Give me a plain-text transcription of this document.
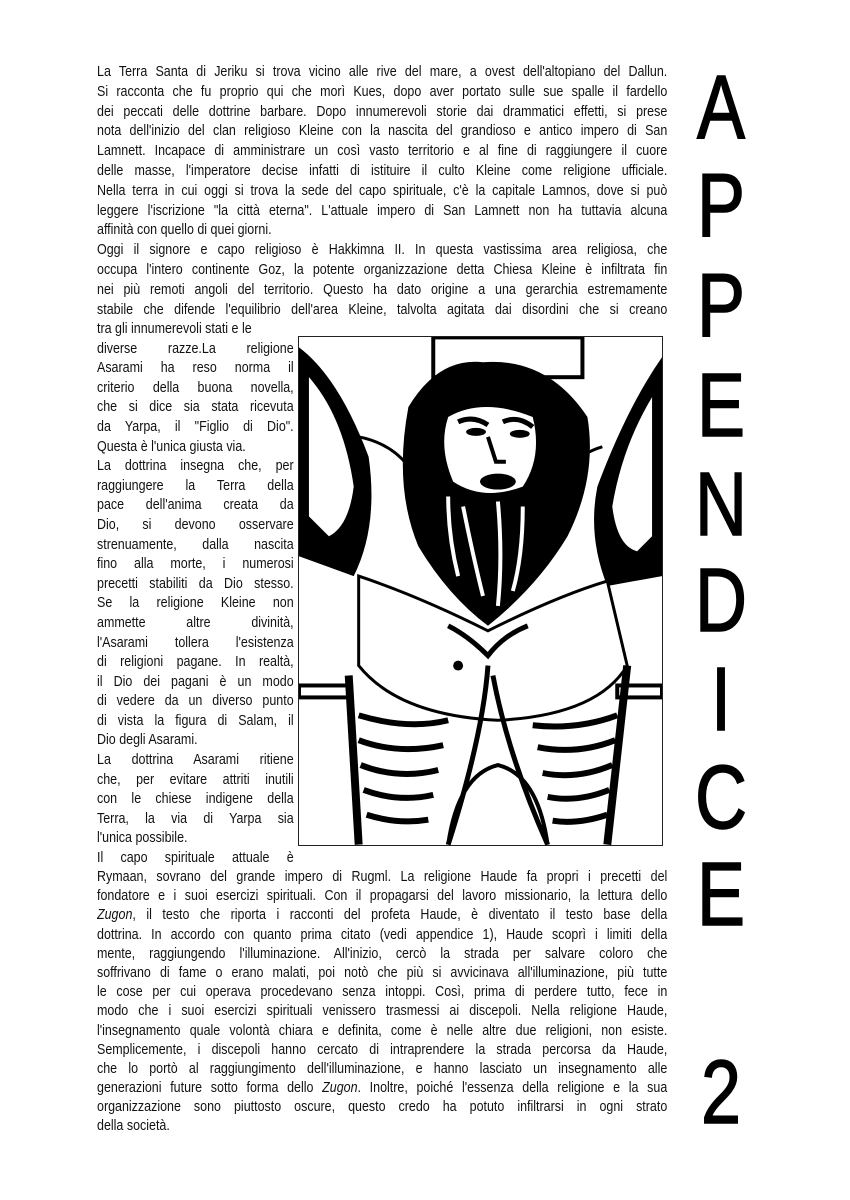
La Terra Santa di Jeriku si trova vicino alle rive del mare, a ovest dell'altopiano del Dallun.
Si racconta che fu proprio qui che morì Kues, dopo aver portato sulle sue spalle il fardello
dei peccati delle dottrine barbare. Dopo innumerevoli storie dai drammatici effetti, si prese
nota dell'inizio del clan religioso Kleine con la nascita del grandioso e antico impero di San
Lamnett. Incapace di amministrare un così vasto territorio e al fine di raggiungere il cuore
delle masse, l'imperatore decise infatti di istituire il culto Kleine come religione ufficiale.
Nella terra in cui oggi si trova la sede del capo spirituale, c'è la capitale Lamnos, dove si può
leggere l'iscrizione "la città eterna". L'attuale impero di San Lamnett non ha tuttavia alcuna
affinità con quello di quei giorni.
Oggi il signore e capo religioso è Hakkimna II. In questa vastissima area religiosa, che
occupa l'intero continente Goz, la potente organizzazione detta Chiesa Kleine è infiltrata fin
nei più remoti angoli del territorio. Questo ha dato origine a una gerarchia estremamente
stabile che difende l'equilibrio dell'area Kleine, talvolta agitata dai disordini che si creano
tra gli innumerevoli stati e le
diverse razze.La religione
Asarami ha reso norma il
criterio della buona novella,
che si dice sia stata ricevuta
da Yarpa, il "Figlio di Dio".
Questa è l'unica giusta via.
La dottrina insegna che, per
raggiungere la Terra della
pace dell'anima creata da
Dio, si devono osservare
strenuamente, dalla nascita
fino alla morte, i numerosi
precetti stabiliti da Dio stesso.
Se la religione Kleine non
ammette altre divinità,
l'Asarami tollera l'esistenza
di religioni pagane. In realtà,
il Dio dei pagani è un modo
di vedere da un diverso punto
di vista la figura di Salam, il
Dio degli Asarami.
La dottrina Asarami ritiene
che, per evitare attriti inutili
con le chiese indigene della
Terra, la via di Yarpa sia
l'unica possibile.
Il capo spirituale attuale è
Rymaan, sovrano del grande impero di Rugml. La religione Haude fa propri i precetti del
fondatore e i suoi esercizi spirituali. Con il propagarsi del lavoro missionario, la lettura dello
Zugon, il testo che riporta i racconti del profeta Haude, è diventato il testo base della
dottrina. In accordo con quanto prima citato (vedi appendice 1), Haude scoprì i limiti della
mente, raggiungendo l'illuminazione. All'inizio, cercò la strada per salvare coloro che
soffrivano di fame o erano malati, poi notò che più si avvicinava all'illuminazione, più tutte
le cose per cui operava procedevano senza intoppi. Così, prima di perdere tutto, fece in
modo che i suoi esercizi spirituali venissero trasmessi ai discepoli. Nella religione Haude,
l'insegnamento quale volontà chiara e definita, come è nelle altre due religioni, non esiste.
Semplicemente, i discepoli hanno cercato di intraprendere la strada percorsa da Haude,
che lo portò al raggiungimento dell'illuminazione, e hanno lasciato un insegnamento alle
generazioni future sotto forma dello Zugon. Inoltre, poiché l'essenza della religione e la sua
organizzazione sono piuttosto oscure, questo credo ha potuto infiltrarsi in ogni strato
della società.
A
P
P
E
N
D
I
C
E
2
